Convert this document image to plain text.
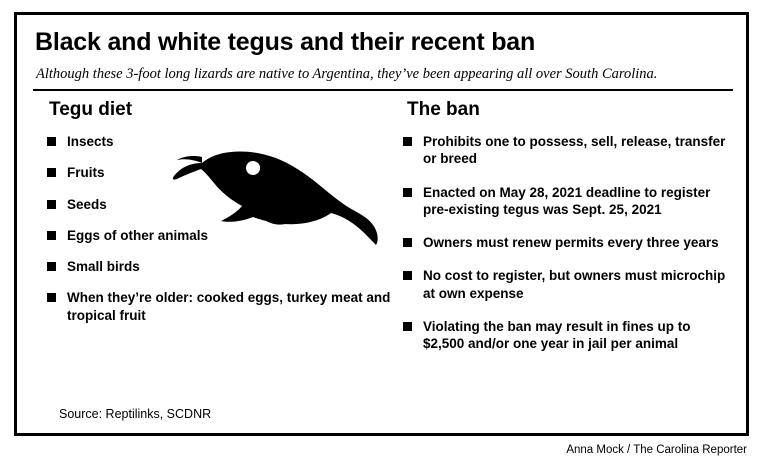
Black and white tegus and their recent ban
Although these 3-foot long lizards are native to Argentina, they’ve been appearing all over South Carolina.
Tegu diet
Insects
Fruits
Seeds
Eggs of other animals
Small birds
When they’re older: cooked eggs, turkey meat and tropical fruit
The ban
Prohibits one to possess, sell, release, transfer or breed
Enacted on May 28, 2021 deadline to register pre-existing tegus was Sept. 25, 2021
Owners must renew permits every three years
No cost to register, but owners must microchip at own expense
Violating the ban may result in fines up to $2,500 and/or one year in jail per animal
Source: Reptilinks, SCDNR
Anna Mock / The Carolina Reporter
